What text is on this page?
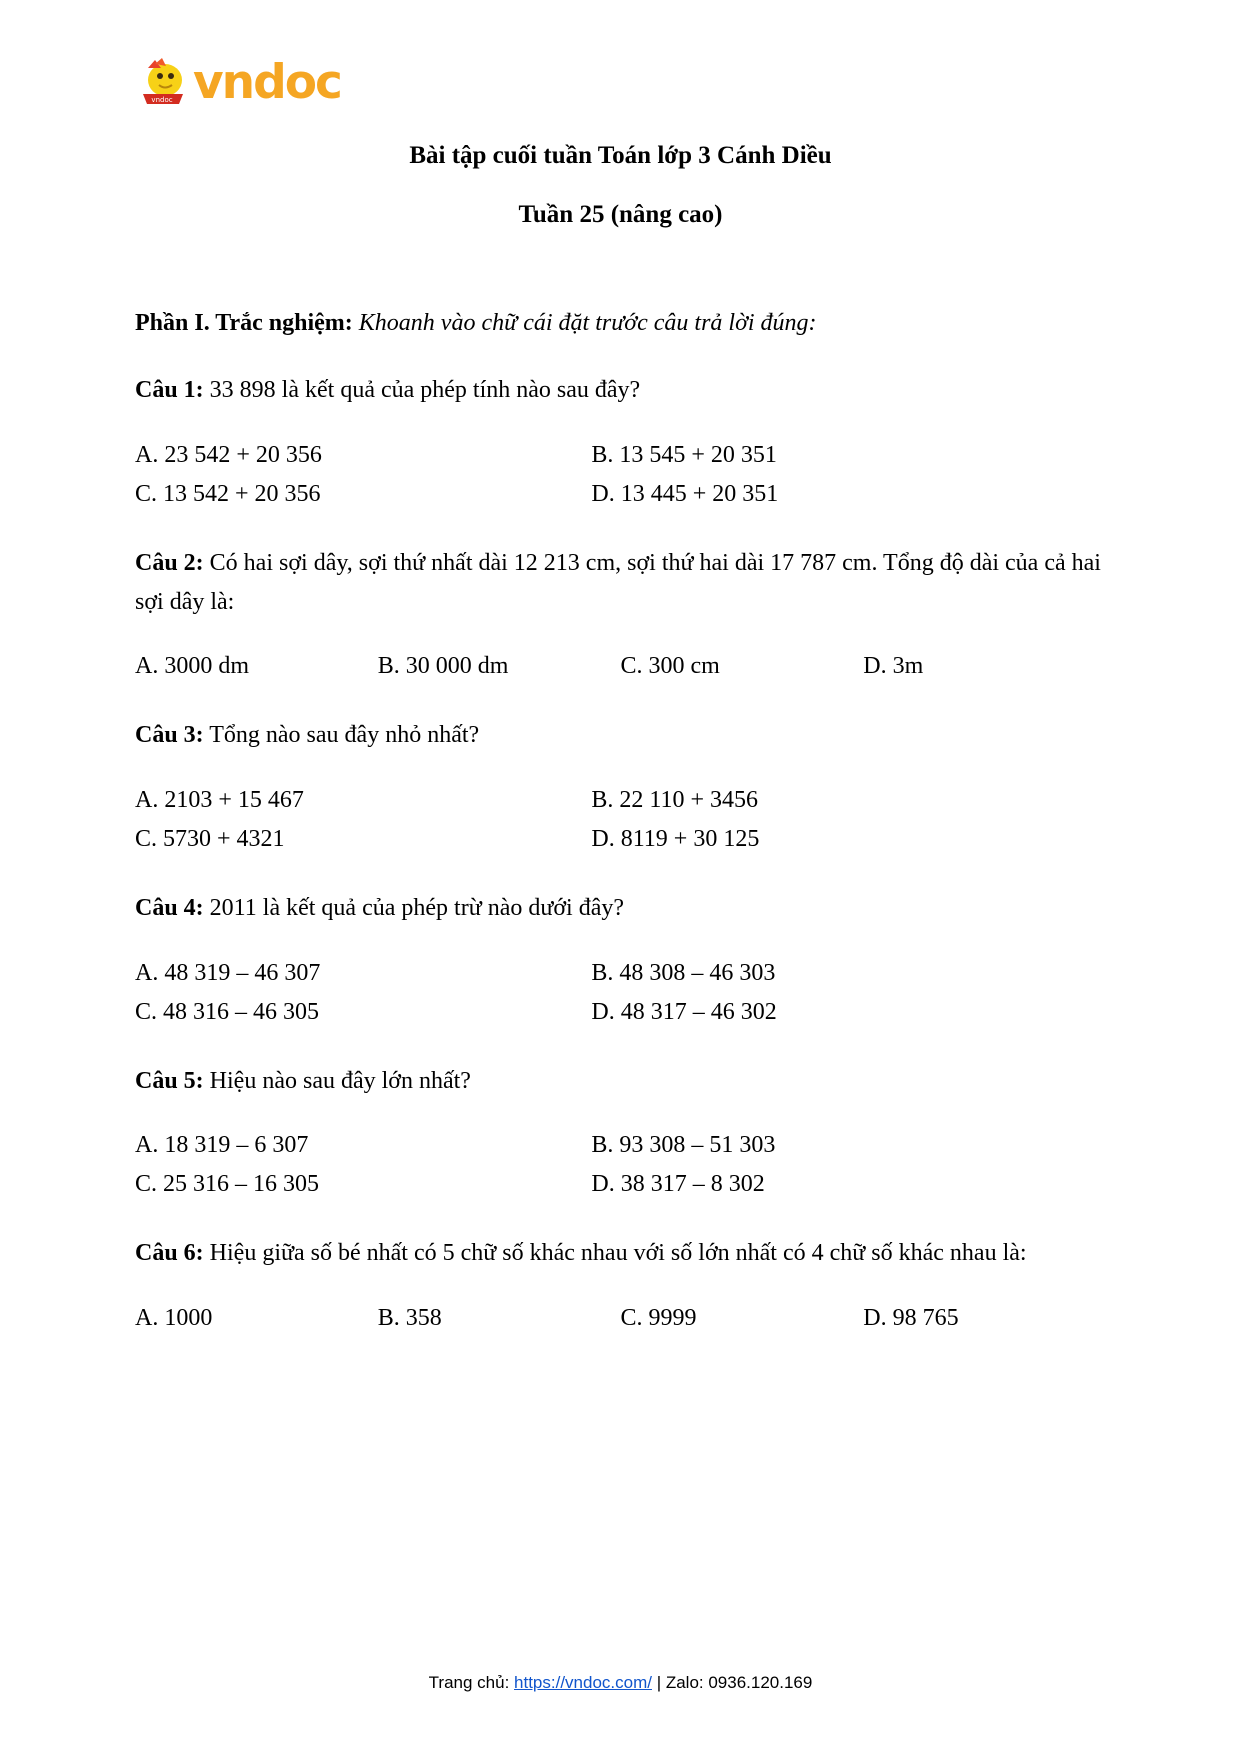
vndoc vndoc
Bài tập cuối tuần Toán lớp 3 Cánh Diều
Tuần 25 (nâng cao)
Phần I. Trắc nghiệm: Khoanh vào chữ cái đặt trước câu trả lời đúng:
Câu 1: 33 898 là kết quả của phép tính nào sau đây?
A. 23 542 + 20 356	B. 13 545 + 20 351
C. 13 542 + 20 356	D. 13 445 + 20 351
Câu 2: Có hai sợi dây, sợi thứ nhất dài 12 213 cm, sợi thứ hai dài 17 787 cm. Tổng độ dài của cả hai sợi dây là:
A. 3000 dm	B. 30 000 dm	C. 300 cm	D. 3m
Câu 3: Tổng nào sau đây nhỏ nhất?
A. 2103 + 15 467	B. 22 110 + 3456
C. 5730 + 4321	D. 8119 + 30 125
Câu 4: 2011 là kết quả của phép trừ nào dưới đây?
A. 48 319 – 46 307	B. 48 308 – 46 303
C. 48 316 – 46 305	D. 48 317 – 46 302
Câu 5: Hiệu nào sau đây lớn nhất?
A. 18 319 – 6 307	B. 93 308 – 51 303
C. 25 316 – 16 305	D. 38 317 – 8 302
Câu 6: Hiệu giữa số bé nhất có 5 chữ số khác nhau với số lớn nhất có 4 chữ số khác nhau là:
A. 1000	B. 358	C. 9999	D. 98 765
Trang chủ: https://vndoc.com/ | Zalo: 0936.120.169
